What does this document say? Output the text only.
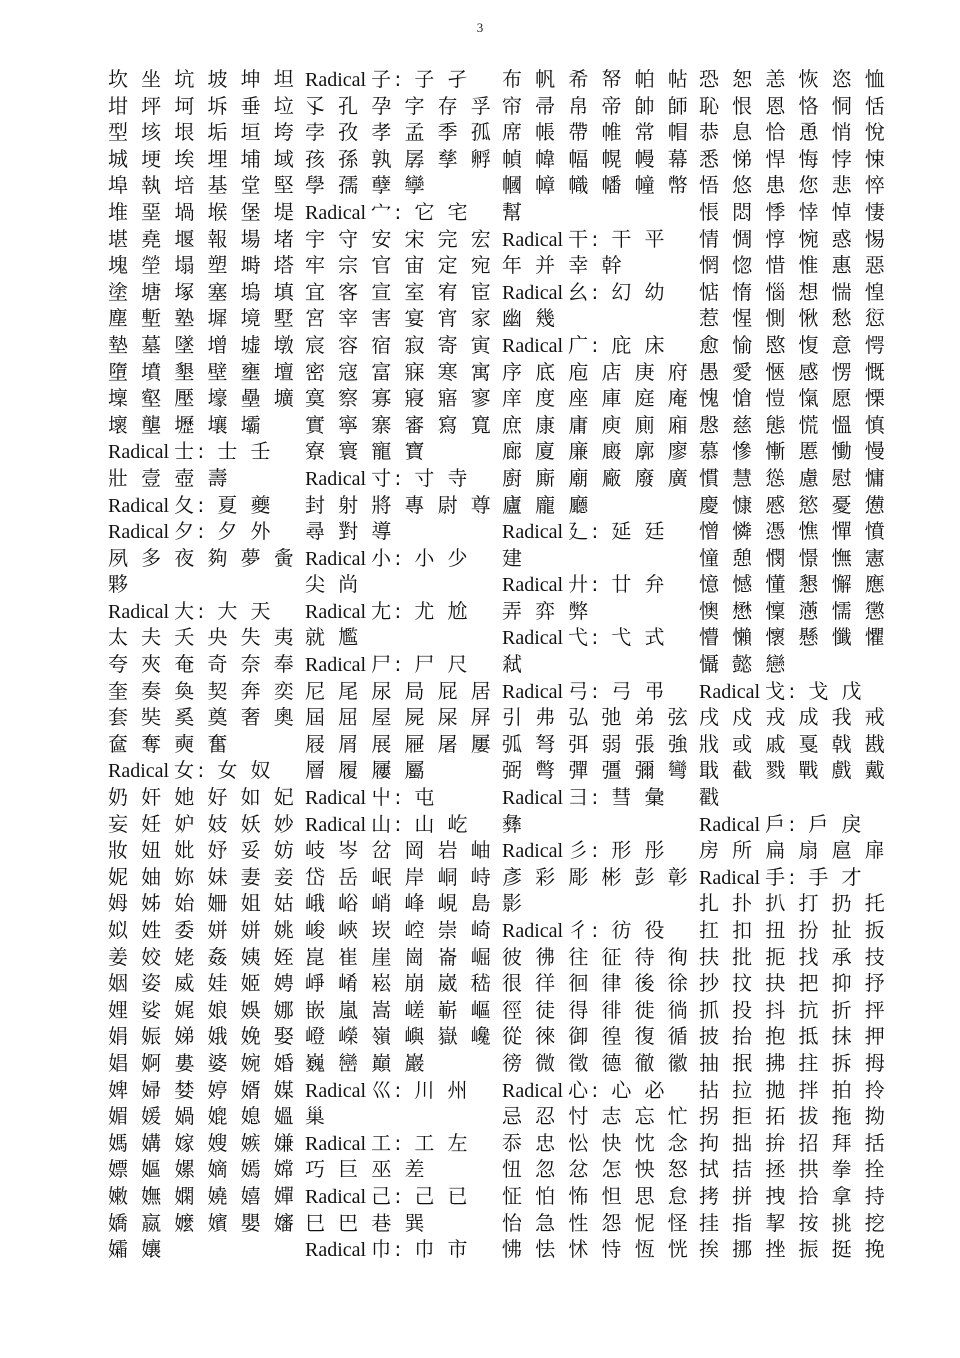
3
坎 坐 坑 坡 坤 坦
坩 坪 坷 坼 垂 垃
型 垓 垠 垢 垣 垮
城 埂 埃 埋 埔 域
埠 執 培 基 堂 堅
堆 堊 堝 堠 堡 堤
堪 堯 堰 報 場 堵
塊 塋 塌 塑 塒 塔
塗 塘 塚 塞 塢 填
塵 塹 塾 墀 境 墅
墊 墓 墜 增 墟 墩
墮 墳 墾 壁 壅 壇
壈 壑 壓 壕 壘 壙
壞 壟 壢 壤 壩
Radical 士: 士 壬
壯 壹 壺 壽
Radical 夂: 夏 夔
Radical 夕: 夕 外
夙 多 夜 夠 夢 夤
夥
Radical 大: 大 天
太 夫 夭 央 失 夷
夸 夾 奄 奇 奈 奉
奎 奏 奐 契 奔 奕
套 奘 奚 奠 奢 奧
奩 奪 奭 奮
Radical 女: 女 奴
奶 奸 她 好 如 妃
妄 妊 妒 妓 妖 妙
妝 妞 妣 妤 妥 妨
妮 妯 妳 妹 妻 妾
姆 姊 始 姍 姐 姑
姒 姓 委 姘 姘 姚
姜 姣 姥 姦 姨 姪
姻 姿 威 娃 姬 娉
娌 娑 娓 娘 娛 娜
娟 娠 娣 娥 娩 娶
娼 婀 婁 婆 婉 婚
婢 婦 婪 婷 婿 媒
媚 媛 媧 媲 媳 媼
媽 媾 嫁 嫂 嫉 嫌
嫖 嫗 嫘 嫡 嫣 嫦
嫩 嫵 嫻 嬈 嬉 嬋
嬌 嬴 嬤 嬪 嬰 嬸
孀 孃
Radical 子: 子 孑
孓 孔 孕 字 存 孚
孛 孜 孝 孟 季 孤
孩 孫 孰 孱 孳 孵
學 孺 孽 孿
Radical 宀: 它 宅
宇 守 安 宋 完 宏
牢 宗 官 宙 定 宛
宜 客 宣 室 宥 宦
宮 宰 害 宴 宵 家
宸 容 宿 寂 寄 寅
密 寇 富 寐 寒 寓
寞 察 寡 寢 寤 寥
實 寧 寨 審 寫 寬
寮 寰 寵 寶
Radical 寸: 寸 寺
封 射 將 專 尉 尊
尋 對 導
Radical 小: 小 少
尖 尚
Radical 尢: 尤 尬
就 尷
Radical 尸: 尸 尺
尼 尾 尿 局 屁 居
屆 屈 屋 屍 屎 屏
屐 屑 展 屜 屠 屢
層 履 屨 屬
Radical 屮: 屯
Radical 山: 山 屹
岐 岑 岔 岡 岩 岫
岱 岳 岷 岸 峒 峙
峨 峪 峭 峰 峴 島
峻 峽 崁 崆 崇 崎
崑 崔 崖 崗 崙 崛
崢 崤 崧 崩 崴 嵇
嵌 嵐 嵩 嵯 嶄 嶇
嶝 嶸 嶺 嶼 嶽 巉
巍 巒 巔 巖
Radical 巛: 川 州
巢
Radical 工: 工 左
巧 巨 巫 差
Radical 己: 己 已
巳 巴 巷 巽
Radical 巾: 巾 市
布 帆 希 帑 帕 帖
帘 帚 帛 帝 帥 師
席 帳 帶 帷 常 帽
幀 幃 幅 幌 幔 幕
幗 幛 幟 幡 幢 幣
幫
Radical 干: 干 平
年 并 幸 幹
Radical 幺: 幻 幼
幽 幾
Radical 广: 庇 床
序 底 庖 店 庚 府
庠 度 座 庫 庭 庵
庶 康 庸 庾 廁 廂
廊 廈 廉 廄 廓 廖
廚 廝 廟 廠 廢 廣
廬 龐 廳
Radical 廴: 延 廷
建
Radical 廾: 廿 弁
弄 弈 弊
Radical 弋: 弋 式
弒
Radical 弓: 弓 弔
引 弗 弘 弛 弟 弦
弧 弩 弭 弱 張 強
弼 彆 彈 彊 彌 彎
Radical 彐: 彗 彙
彝
Radical 彡: 形 彤
彥 彩 彫 彬 彭 彰
影
Radical 彳: 彷 役
彼 彿 往 征 待 徇
很 徉 徊 律 後 徐
徑 徒 得 徘 徙 徜
從 徠 御 徨 復 循
徬 微 徵 德 徹 徽
Radical 心: 心 必
忌 忍 忖 志 忘 忙
忝 忠 忪 快 忱 念
忸 忽 忿 怎 怏 怒
怔 怕 怖 怛 思 怠
怡 急 性 怨 怩 怪
怫 怯 怵 恃 恆 恍
恐 恕 恙 恢 恣 恤
恥 恨 恩 恪 恫 恬
恭 息 恰 恿 悄 悅
悉 悌 悍 悔 悖 悚
悟 悠 患 您 悲 悴
悵 悶 悸 悻 悼 悽
情 惆 惇 惋 惑 惕
惘 惚 惜 惟 惠 惡
惦 惰 惱 想 惴 惶
惹 惺 惻 愀 愁 愆
愈 愉 愍 愎 意 愕
愚 愛 愜 感 愣 慨
愧 愴 愷 愾 愿 慄
慇 慈 態 慌 慍 慎
慕 慘 慚 慝 慟 慢
慣 慧 慫 慮 慰 慵
慶 慷 慼 慾 憂 憊
憎 憐 憑 憔 憚 憤
憧 憩 憫 憬 憮 憲
憶 憾 懂 懇 懈 應
懊 懋 懍 懣 懦 懲
懵 懶 懷 懸 懺 懼
懾 懿 戀
Radical 戈: 戈 戊
戌 戍 戎 成 我 戒
戕 或 戚 戛 戟 戡
戢 截 戮 戰 戲 戴
戳
Radical 戶: 戶 戾
房 所 扁 扇 扈 扉
Radical 手: 手 才
扎 扑 扒 打 扔 托
扛 扣 扭 扮 扯 扳
扶 批 扼 找 承 技
抄 抆 抉 把 抑 抒
抓 投 抖 抗 折 抨
披 抬 抱 抵 抹 押
抽 抿 拂 拄 拆 拇
拈 拉 拋 拌 拍 拎
拐 拒 拓 拔 拖 拗
拘 拙 拚 招 拜 括
拭 拮 拯 拱 拳 拴
拷 拼 拽 拾 拿 持
挂 指 挈 按 挑 挖
挨 挪 挫 振 挺 挽
